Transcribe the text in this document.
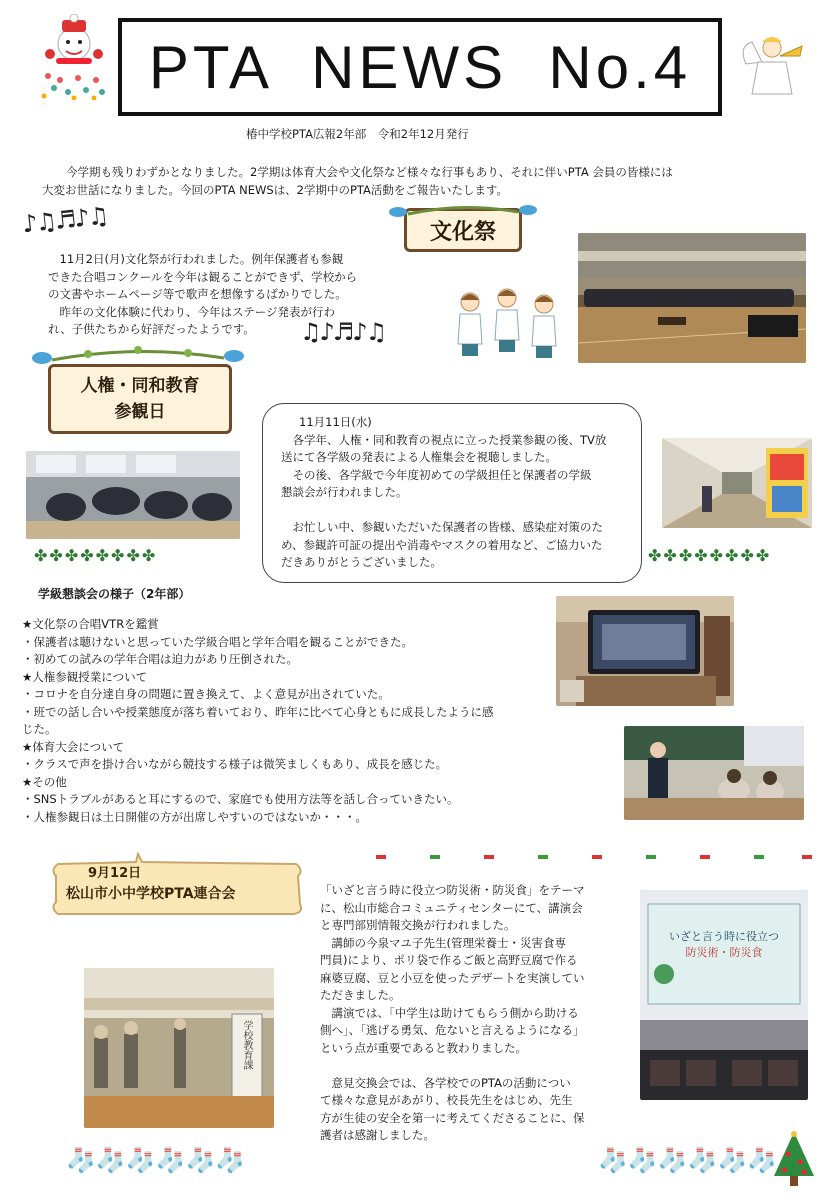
PTA  NEWS  No.4
椿中学校PTA広報2年部　令和2年12月発行
今学期も残りわずかとなりました。2学期は体育大会や文化祭など様々な行事もあり、それに伴いPTA 会員の皆様には
大変お世話になりました。今回のPTA NEWSは、2学期中のPTA活動をご報告いたします。
♪♫♬♪♫	文化祭
　11月2日(月)文化祭が行われました。例年保護者も参観
できた合唱コンクールを今年は観ることができず、学校から
の文書やホームページ等で歌声を想像するばかりでした。
　昨年の文化体験に代わり、今年はステージ発表が行わ
れ、子供たちから好評だったようです。	♫♪♬♪♫
人権・同和教育
参観日
✤✤✤✤✤✤✤✤
11月11日(水)
　各学年、人権・同和教育の視点に立った授業参観の後、TV放
送にて各学級の発表による人権集会を視聴しました。
　その後、各学級で今年度初めての学級担任と保護者の学級
懇談会が行われました。
　お忙しい中、参観いただいた保護者の皆様、感染症対策のた
め、参観許可証の提出や消毒やマスクの着用など、ご協力いた
だきありがとうございました。	✤✤✤✤✤✤✤✤
学級懇談会の様子（2年部）
★文化祭の合唱VTRを鑑賞
・保護者は聴けないと思っていた学級合唱と学年合唱を観ることができた。
・初めての試みの学年合唱は迫力があり圧倒された。
★人権参観授業について
・コロナを自分達自身の問題に置き換えて、よく意見が出されていた。
・班での話し合いや授業態度が落ち着いており、昨年に比べて心身ともに成長したように感
じた。
★体育大会について
・クラスで声を掛け合いながら競技する様子は微笑ましくもあり、成長を感じた。
★その他
・SNSトラブルがあると耳にするので、家庭でも使用方法等を話し合っていきたい。
・人権参観日は土日開催の方が出席しやすいのではないか・・・。
9月12日
松山市小中学校PTA連合会	「いざと言う時に役立つ防災術・防災食」をテーマ
に、松山市総合コミュニティセンターにて、講演会
と専門部別情報交換が行われました。
　講師の今泉マユ子先生(管理栄養士・災害食専
門員)により、ポリ袋で作るご飯と高野豆腐で作る
麻婆豆腐、豆と小豆を使ったデザートを実演してい
ただきました。
　講演では、「中学生は助けてもらう側から助ける
側へ」、「逃げる勇気、危ないと言えるようになる」
という点が重要であると教わりました。
　意見交換会では、各学校でのPTAの活動につい
て様々な意見があがり、校長先生をはじめ、先生
方が生徒の安全を第一に考えてくださることに、保
護者は感謝しました。
学校教育課
いざと言う時に役立つ
防災術・防災食
🧦🧦🧦🧦🧦🧦	🧦🧦🧦🧦🧦🧦
